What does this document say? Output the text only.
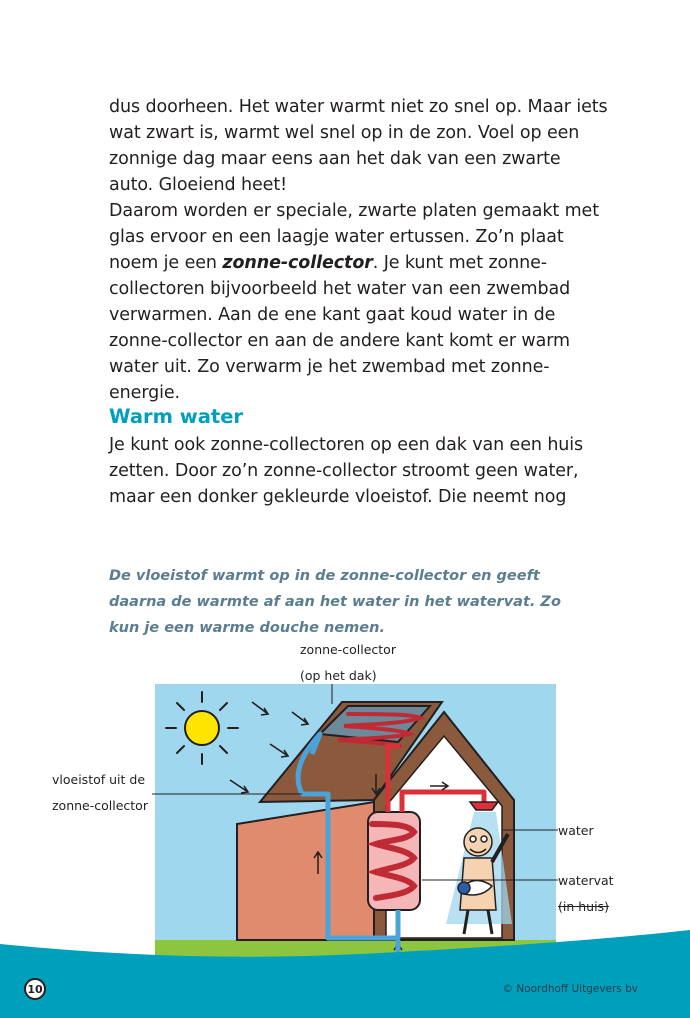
dus doorheen. Het water warmt niet zo snel op. Maar iets wat zwart is, warmt wel snel op in de zon. Voel op een zonnige dag maar eens aan het dak van een zwarte auto. Gloeiend heet!

Daarom worden er speciale, zwarte platen gemaakt met glas ervoor en een laagje water ertussen. Zo’n plaat noem je een zonne-collector. Je kunt met zonne-collectoren bijvoorbeeld het water van een zwembad verwarmen. Aan de ene kant gaat koud water in de zonne-collector en aan de andere kant komt er warm water uit. Zo verwarm je het zwembad met zonne-energie.

Warm water

Je kunt ook zonne-collectoren op een dak van een huis zetten. Door zo’n zonne-collector stroomt geen water, maar een donker gekleurde vloeistof. Die neemt nog

De vloeistof warmt op in de zonne-collector en geeft daarna de warmte af aan het water in het watervat. Zo kun je een warme douche nemen.

zonne-collector
(op het dak)
vloeistof uit de
zonne-collector
water
watervat
(in huis)
10	© Noordhoff Uitgevers bv
